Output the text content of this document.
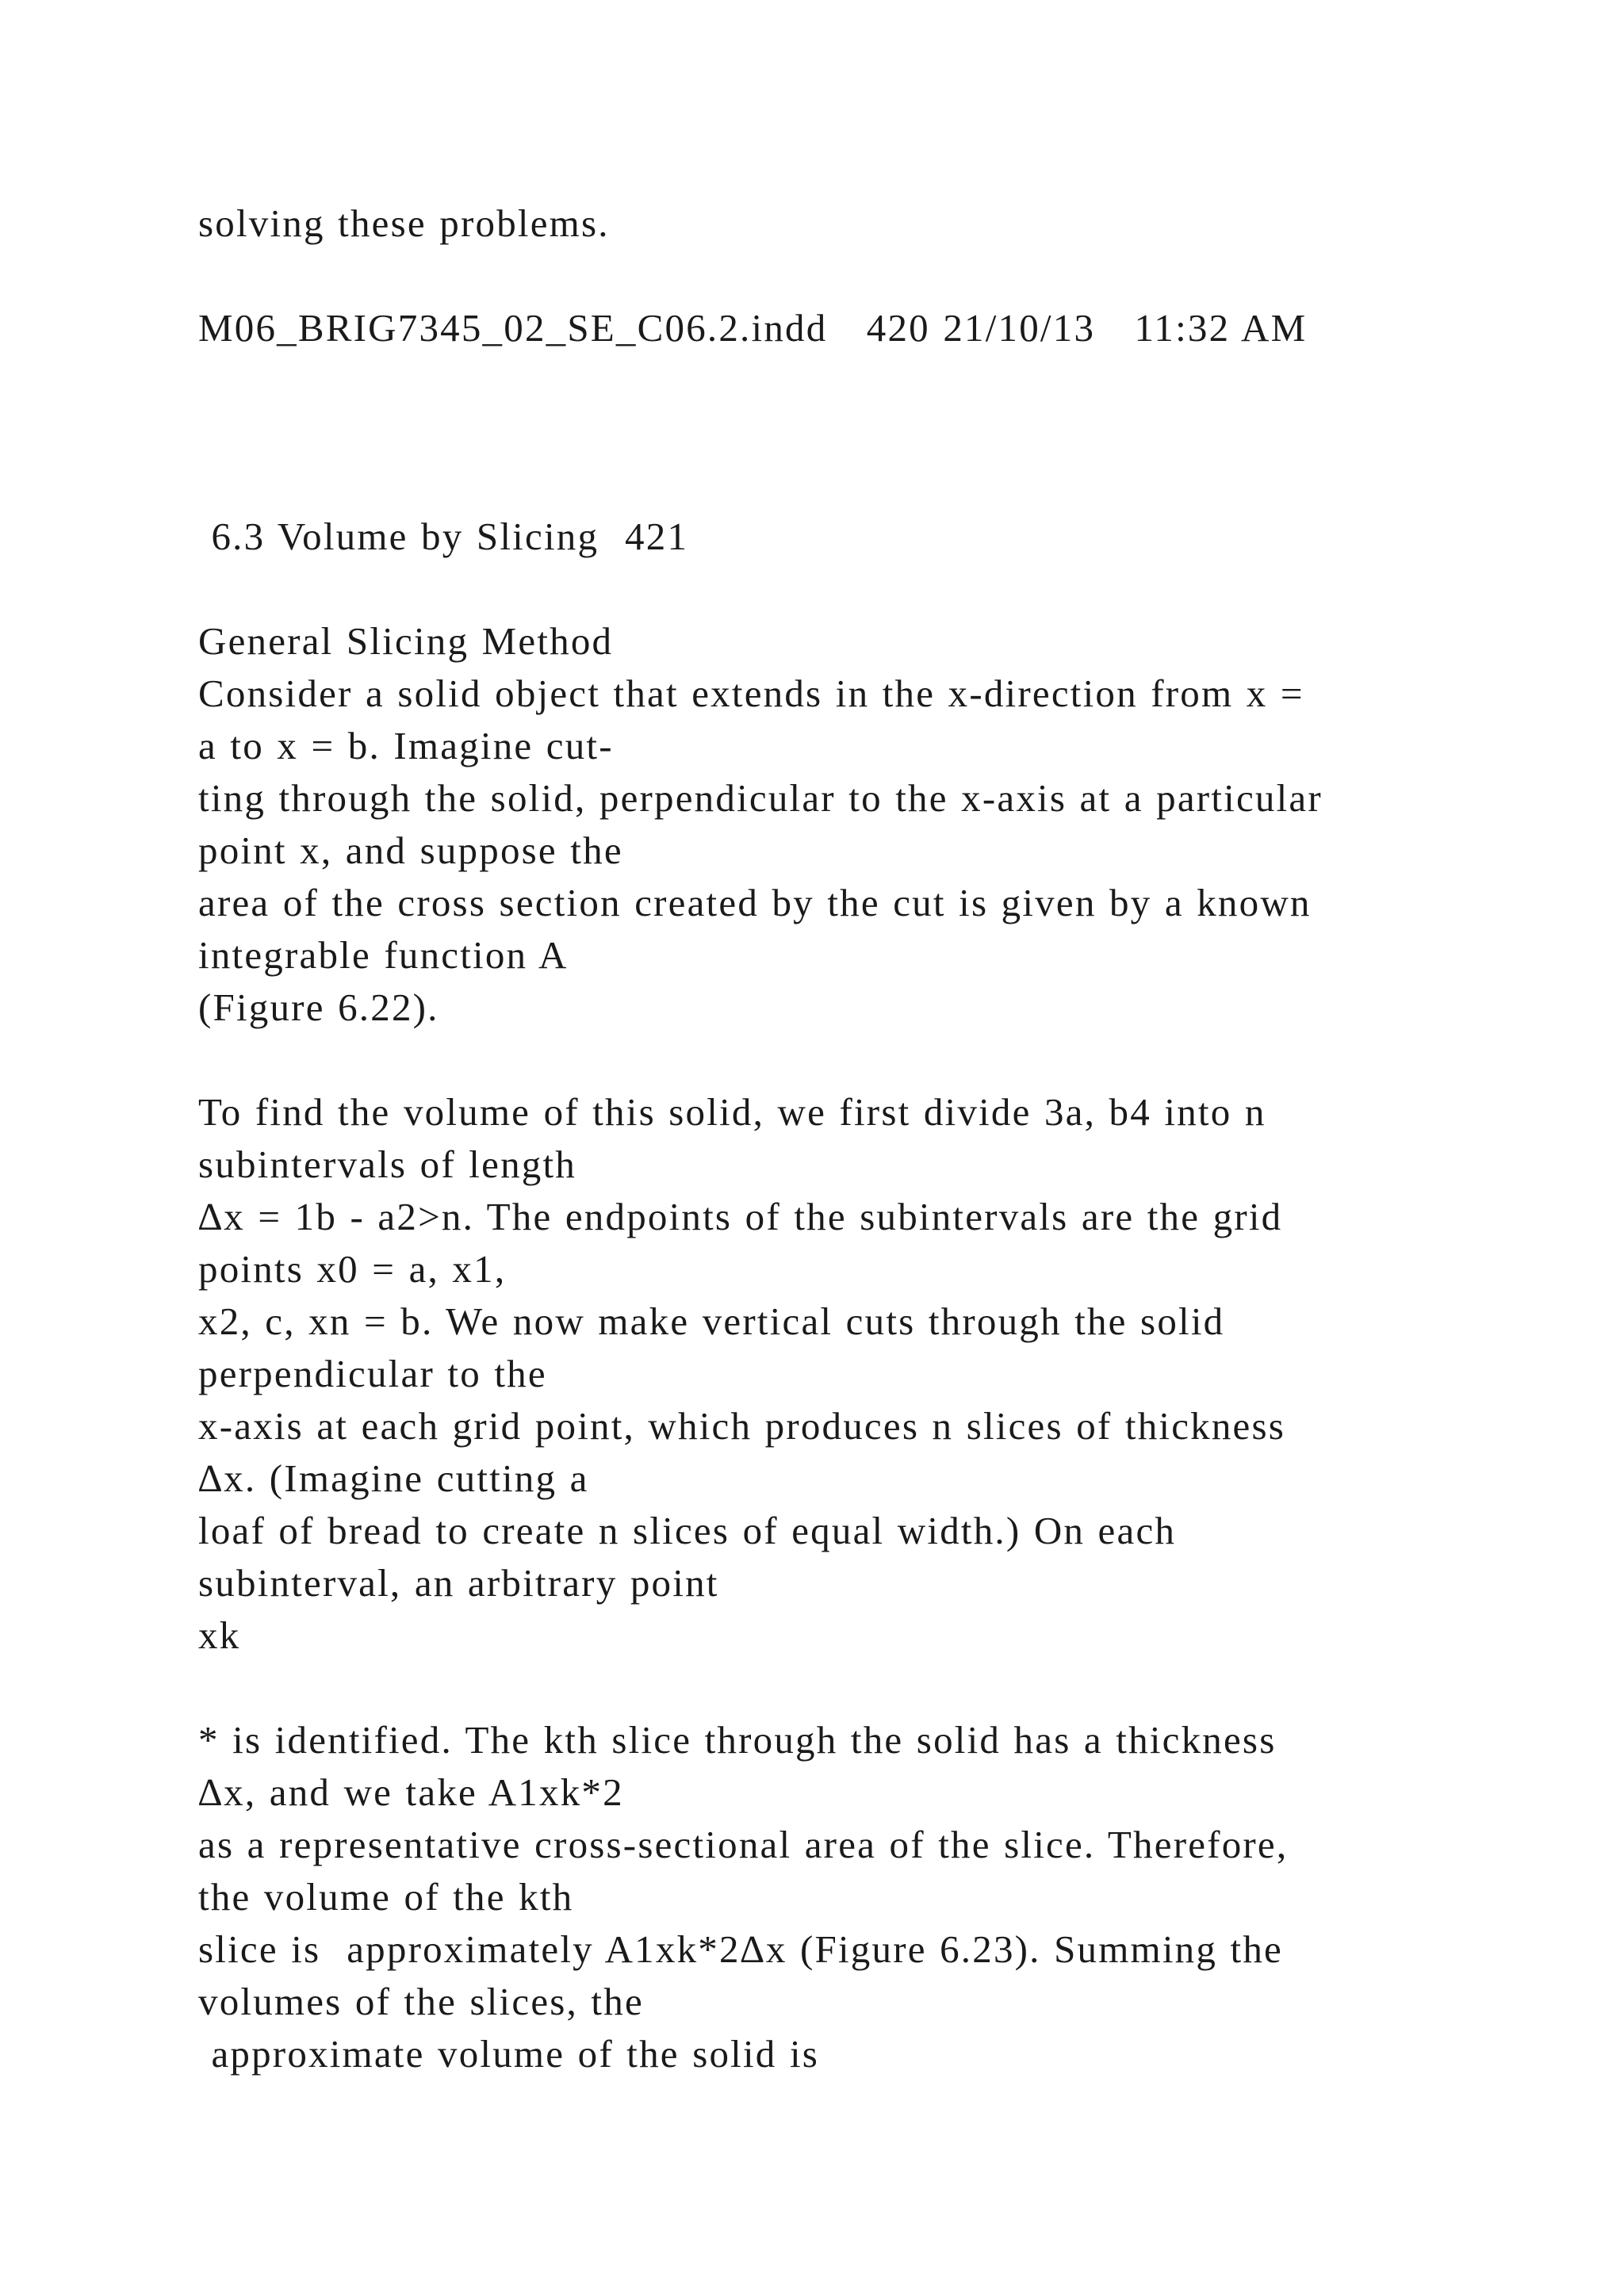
solving these problems.

M06_BRIG7345_02_SE_C06.2.indd   420 21/10/13   11:32 AM

6.3 Volume by Slicing  421

General Slicing Method

Consider a solid object that extends in the x-direction from x =

a to x = b. Imagine cut-

ting through the solid, perpendicular to the x-axis at a particular

point x, and suppose the

area of the cross section created by the cut is given by a known

integrable function A

(Figure 6.22).

To find the volume of this solid, we first divide 3a, b4 into n

subintervals of length

∆x = 1b - a2>n. The endpoints of the subintervals are the grid

points x0 = a, x1,

x2, c, xn = b. We now make vertical cuts through the solid

perpendicular to the

x-axis at each grid point, which produces n slices of thickness

∆x. (Imagine cutting a

loaf of bread to create n slices of equal width.) On each

subinterval, an arbitrary point

xk

* is identified. The kth slice through the solid has a thickness

∆x, and we take A1xk*2

as a representative cross-sectional area of the slice. Therefore,

the volume of the kth

slice is  approximately A1xk*2∆x (Figure 6.23). Summing the

volumes of the slices, the

approximate volume of the solid is
